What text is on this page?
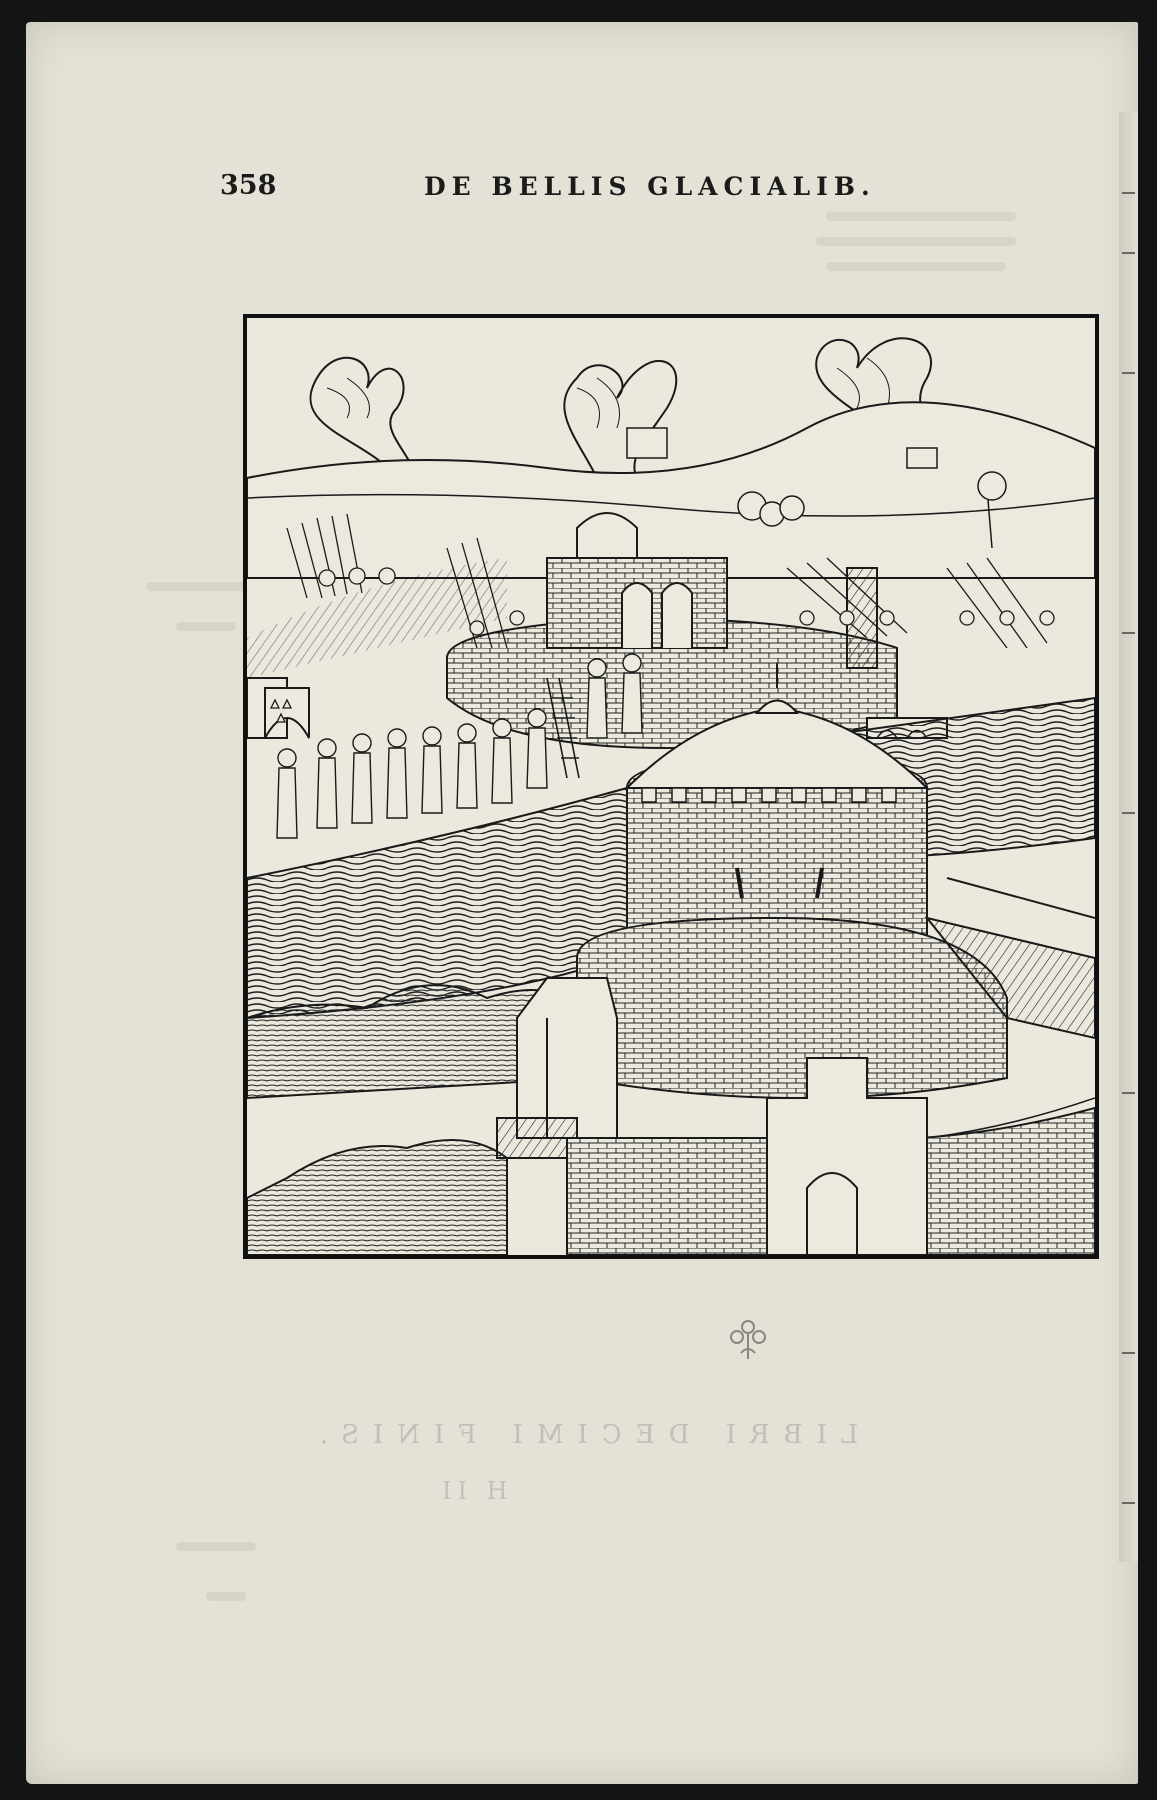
358	DE BELLIS GLACIALIB.
LIBRI DECIMI FINIS.
H II
